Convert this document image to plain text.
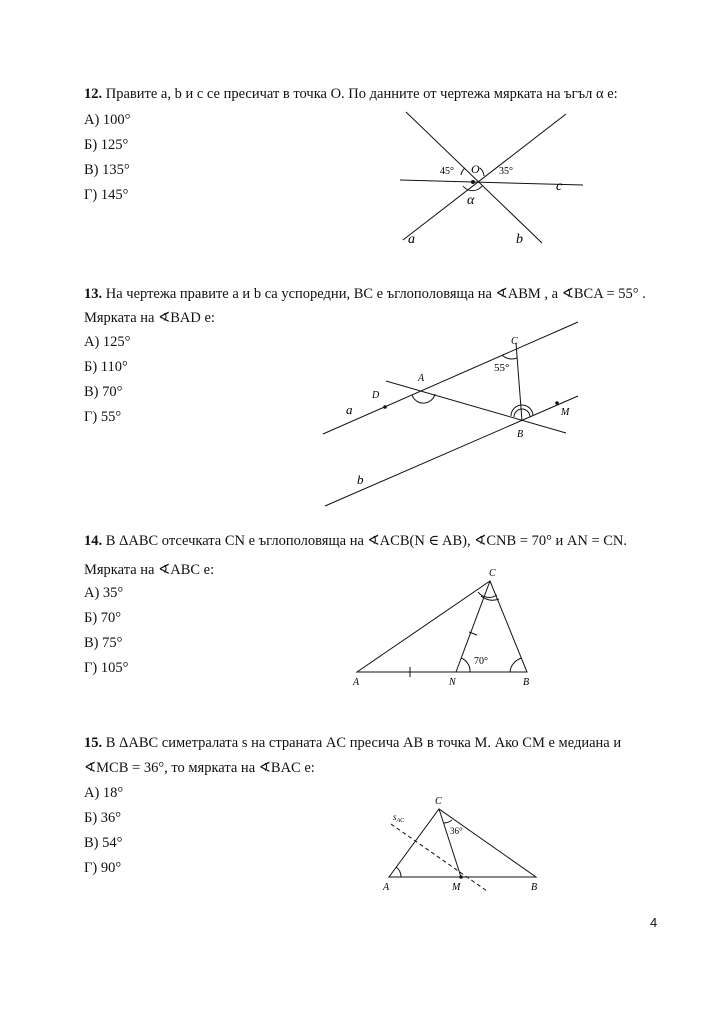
12. Правите a, b и c се пресичат в точка O. По данните от чертежа мярката на ъгъл α е:
А) 100°
Б) 125°
В) 135°
Г) 145°
45°	35°
O
α
a	b
c
13. На чертежа правите a и b са успоредни, BC е ъглополовяща на ∢ABM , а ∢BCA = 55° .
Мярката на ∢BAD е:
А) 125°
Б) 110°
В) 70°
Г) 55°
55°
A
B
C
D
M
a
b
14. В ΔABC отсечката CN е ъглополовяща на ∢ACB(N ∈ AB), ∢CNB = 70° и AN = CN.
Мярката на ∢ABC е:
А) 35°
Б) 70°
В) 75°
Г) 105°	70°
A	B
C
N
15. В ΔABC симетралата s на страната AC пресича AB в точка M. Ако CM е медиана и
∢MCB = 36°, то мярката на ∢BAC е:
А) 18°
Б) 36°
В) 54°
Г) 90°
36°
$s_{AC}$
A	B
C
M
4
